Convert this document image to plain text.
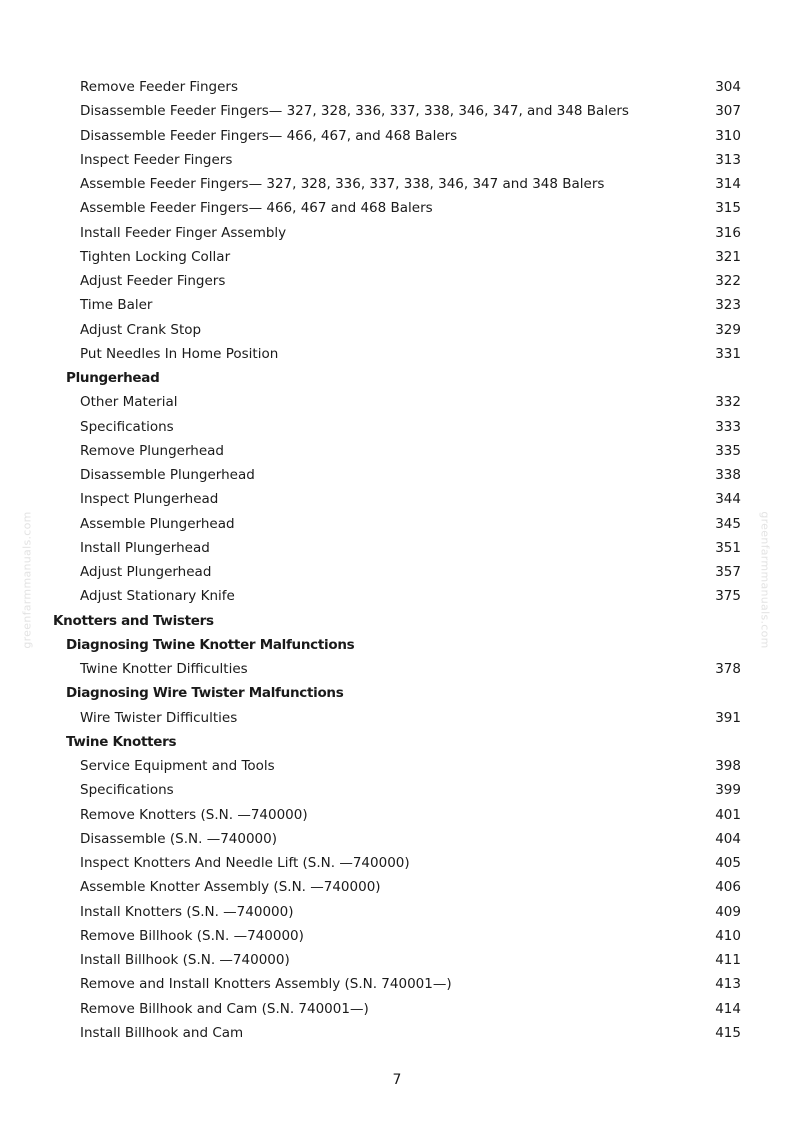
greenfarmmanuals.com	greenfarmmanuals.com
Remove Feeder Fingers	304
Disassemble Feeder Fingers— 327, 328, 336, 337, 338, 346, 347, and 348 Balers	307
Disassemble Feeder Fingers— 466, 467, and 468 Balers	310
Inspect Feeder Fingers	313
Assemble Feeder Fingers— 327, 328, 336, 337, 338, 346, 347 and 348 Balers	314
Assemble Feeder Fingers— 466, 467 and 468 Balers	315
Install Feeder Finger Assembly	316
Tighten Locking Collar	321
Adjust Feeder Fingers	322
Time Baler	323
Adjust Crank Stop	329
Put Needles In Home Position	331
Plungerhead
Other Material	332
Specifications	333
Remove Plungerhead	335
Disassemble Plungerhead	338
Inspect Plungerhead	344
Assemble Plungerhead	345
Install Plungerhead	351
Adjust Plungerhead	357
Adjust Stationary Knife	375
Knotters and Twisters
Diagnosing Twine Knotter Malfunctions
Twine Knotter Difficulties	378
Diagnosing Wire Twister Malfunctions
Wire Twister Difficulties	391
Twine Knotters
Service Equipment and Tools	398
Specifications	399
Remove Knotters (S.N. —740000)	401
Disassemble (S.N. —740000)	404
Inspect Knotters And Needle Lift (S.N. —740000)	405
Assemble Knotter Assembly (S.N. —740000)	406
Install Knotters (S.N. —740000)	409
Remove Billhook (S.N. —740000)	410
Install Billhook (S.N. —740000)	411
Remove and Install Knotters Assembly (S.N. 740001—)	413
Remove Billhook and Cam (S.N. 740001—)	414
Install Billhook and Cam	415
7
